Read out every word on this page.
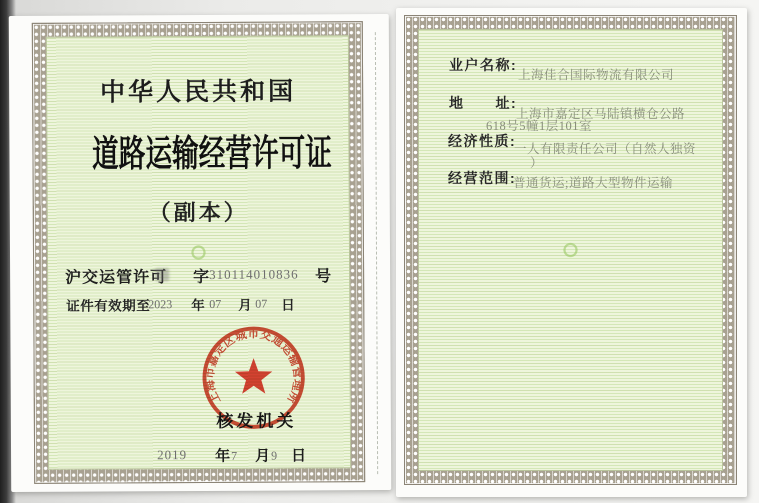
中华人民共和国
道路运输经营许可证
（副本）
沪交运管许可 字 310114010836 号
证件有效期至
2023 年 07 月 07 日
上海市嘉定区城市交通运输管理所
核发机关
2019 年 7 月 9 日
业户名称:
上海佳合国际物流有限公司
地　　址:
上海市嘉定区马陆镇横仓公路
618号5幢1层101室
经济性质:
一人有限责任公司（自然人独资
）
经营范围:
普通货运;道路大型物件运输
